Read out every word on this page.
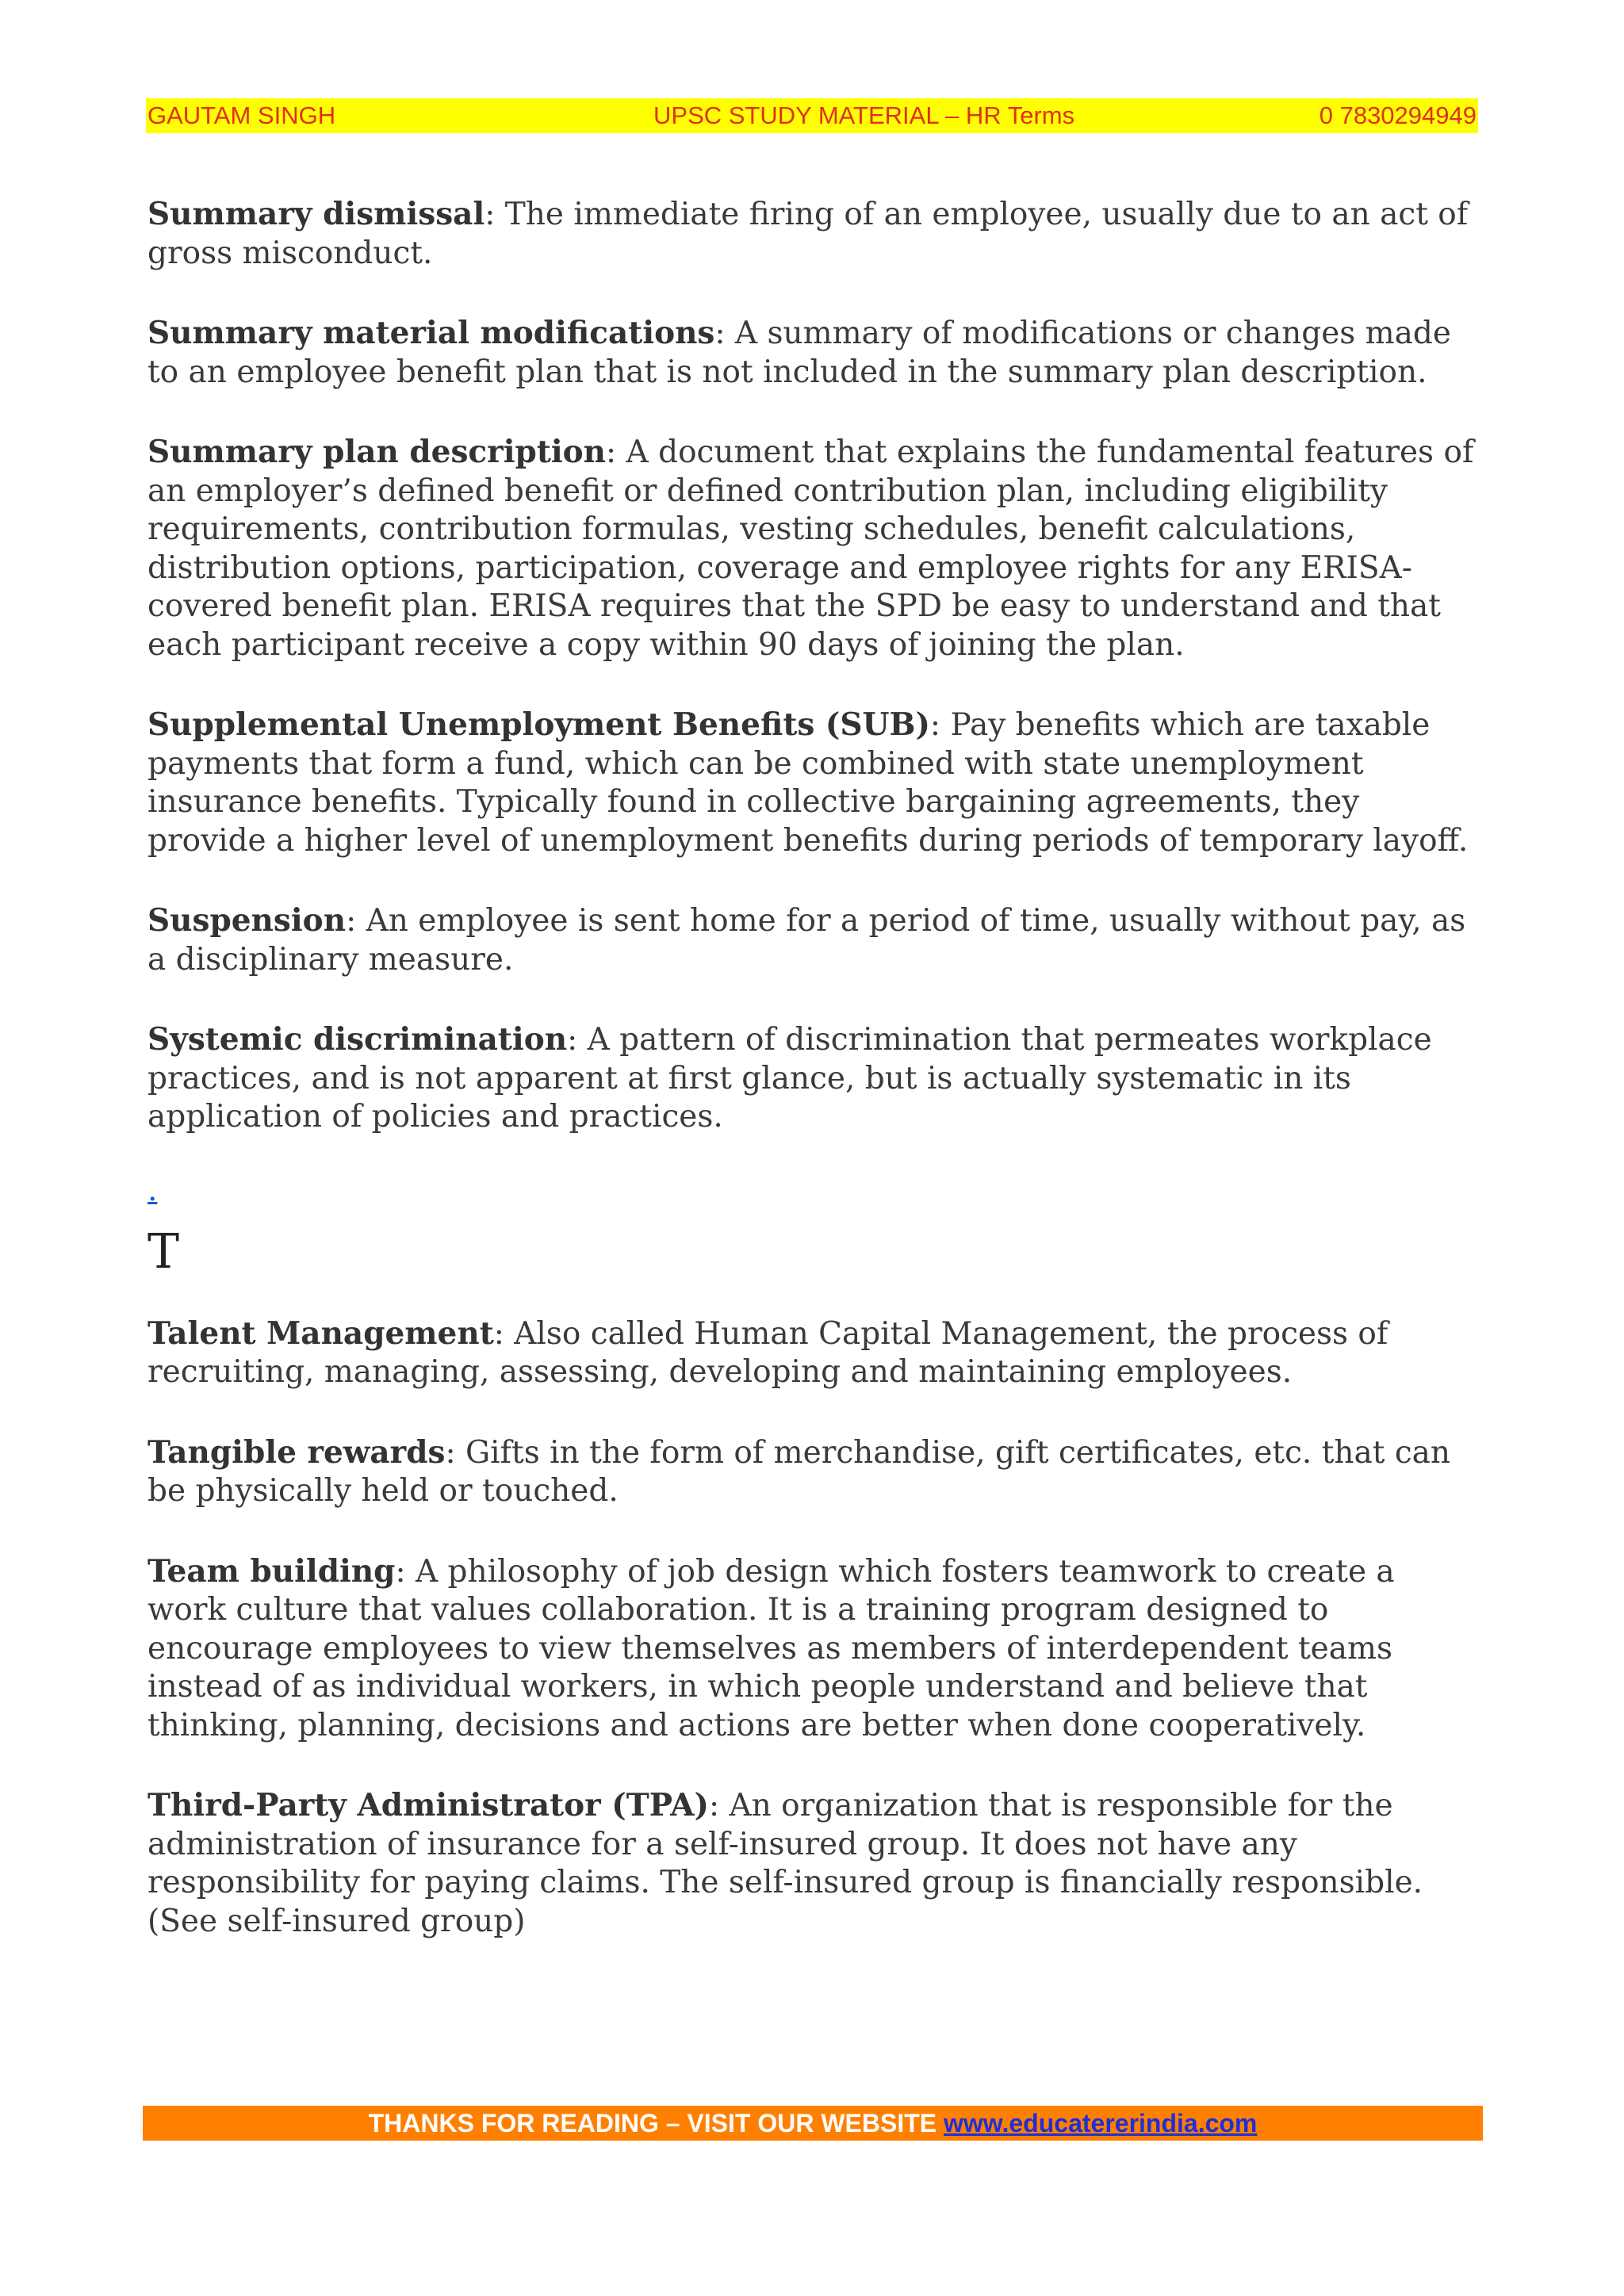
GAUTAM SINGH	UPSC STUDY MATERIAL – HR Terms	0 7830294949

Summary dismissal: The immediate firing of an employee, usually due to an act of gross misconduct.

Summary material modifications: A summary of modifications or changes made to an employee benefit plan that is not included in the summary plan description.

Summary plan description: A document that explains the fundamental features of an employer’s defined benefit or defined contribution plan, including eligibility requirements, contribution formulas, vesting schedules, benefit calculations, distribution options, participation, coverage and employee rights for any ERISA-covered benefit plan. ERISA requires that the SPD be easy to understand and that each participant receive a copy within 90 days of joining the plan.

Supplemental Unemployment Benefits (SUB): Pay benefits which are taxable payments that form a fund, which can be combined with state unemployment insurance benefits. Typically found in collective bargaining agreements, they provide a higher level of unemployment benefits during periods of temporary layoff.

Suspension: An employee is sent home for a period of time, usually without pay, as a disciplinary measure.

Systemic discrimination: A pattern of discrimination that permeates workplace practices, and is not apparent at first glance, but is actually systematic in its application of policies and practices.

.
T

Talent Management: Also called Human Capital Management, the process of recruiting, managing, assessing, developing and maintaining employees.

Tangible rewards: Gifts in the form of merchandise, gift certificates, etc. that can be physically held or touched.

Team building: A philosophy of job design which fosters teamwork to create a work culture that values collaboration. It is a training program designed to encourage employees to view themselves as members of interdependent teams instead of as individual workers, in which people understand and believe that thinking, planning, decisions and actions are better when done cooperatively.

Third-Party Administrator (TPA): An organization that is responsible for the administration of insurance for a self-insured group. It does not have any responsibility for paying claims. The self-insured group is financially responsible. (See self-insured group)

THANKS FOR READING – VISIT OUR WEBSITE www.educatererindia.com
